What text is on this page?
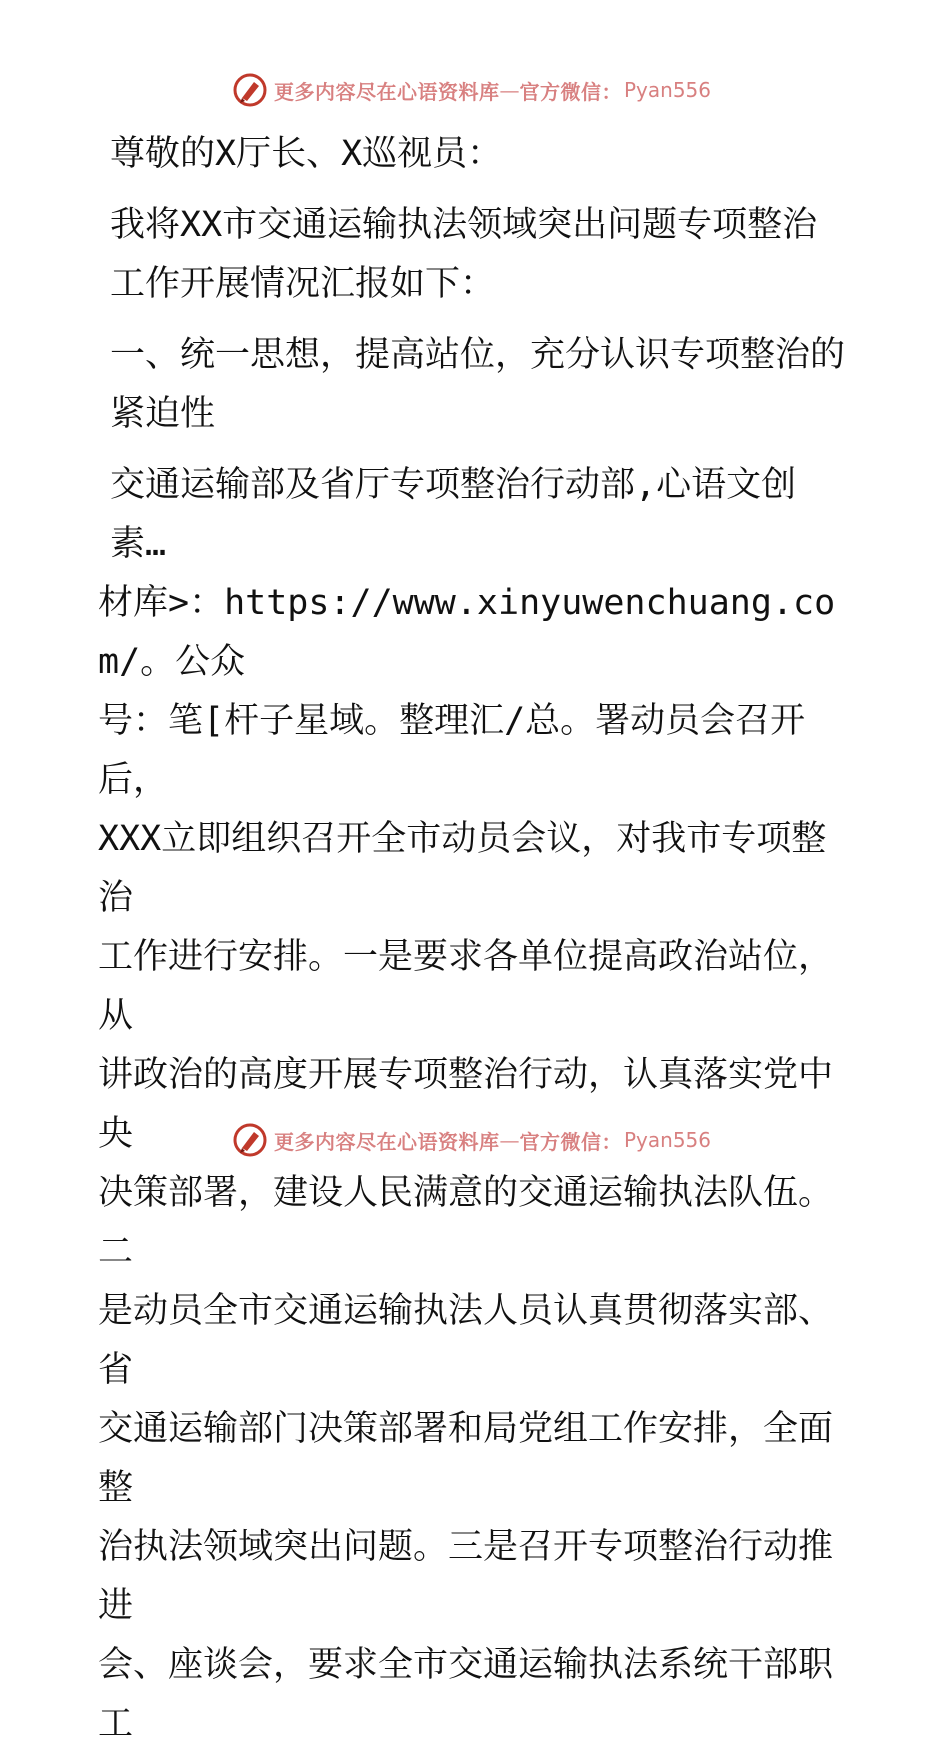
更多内容尽在心语资料库 — 官方微信： Pyan556

尊敬的X厅长、X巡视员：

我将XX市交通运输执法领域突出问题专项整治工作开展情况汇报如下：

一、统一思想，提高站位，充分认识专项整治的紧迫性

交通运输部及省厅专项整治行动部,心语文创素…

材库>：https://www.xinyuwenchuang.com/。公众

号：笔[杆子星域。整理汇/总。署动员会召开后，

XXX立即组织召开全市动员会议，对我市专项整治

工作进行安排。一是要求各单位提高政治站位，从

讲政治的高度开展专项整治行动，认真落实党中央

决策部署，建设人民满意的交通运输执法队伍。二

是动员全市交通运输执法人员认真贯彻落实部、省

交通运输部门决策部署和局党组工作安排，全面整

治执法领域突出问题。三是召开专项整治行动推进

会、座谈会，要求全市交通运输执法系统干部职工

更多内容尽在心语资料库 — 官方微信： Pyan556
